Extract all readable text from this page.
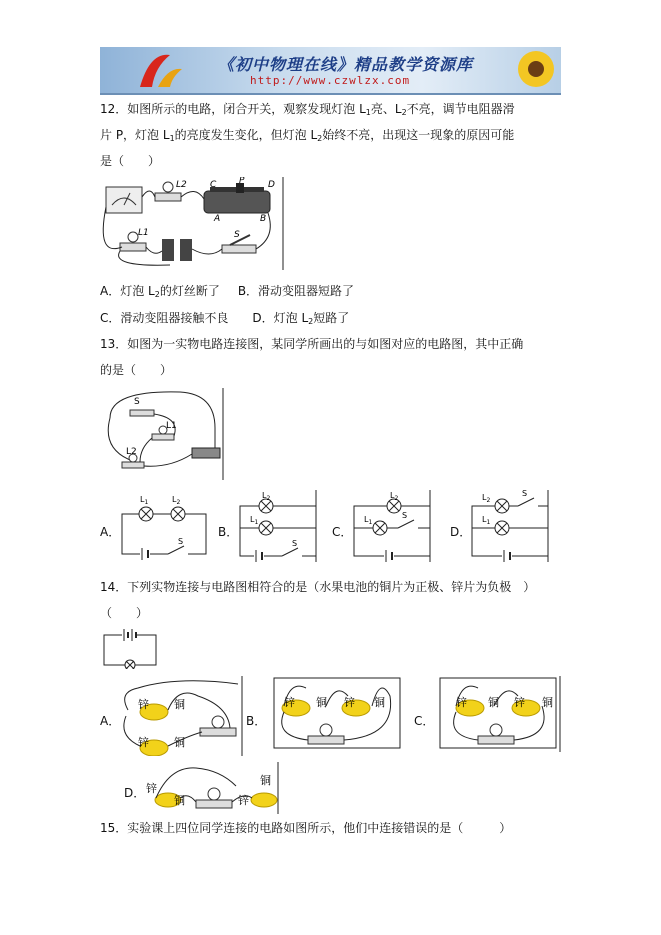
《初中物理在线》精品教学资源库
http://www.czwlzx.com
12．如图所示的电路，闭合开关，观察发现灯泡 $L_1$亮、$L_2$不亮，调节电阻器滑
片 P，灯泡 $L_1$的亮度发生变化，但灯泡 $L_2$始终不亮，出现这一现象的原因可能
是（　　）
L2	C	P	D
A	B
L1	S
A．灯泡 $L_2$的灯丝断了 B．滑动变阻器短路了
C．滑动变阻器接触不良 D．灯泡 $L_2$短路了
13．如图为一实物电路连接图，某同学所画出的与如图对应的电路图，其中正确
的是（　　）
S
L1
L2
A．
$L_1$	$L_2$
S
B．
$L_2$
$L_1$
S
C．
$L_2$
$L_1$
S
D．
$L_2$
$L_1$
S
14．下列实物连接与电路图相符合的是（水果电池的铜片为正极、锌片为负极　）
（　　）
A．
锌 铜
锌 铜
B．
锌 铜 锌 铜
C．
锌 铜 锌 铜
D． 锌
铜	锌
铜
15．实验课上四位同学连接的电路如图所示，他们中连接错误的是（　　　）
